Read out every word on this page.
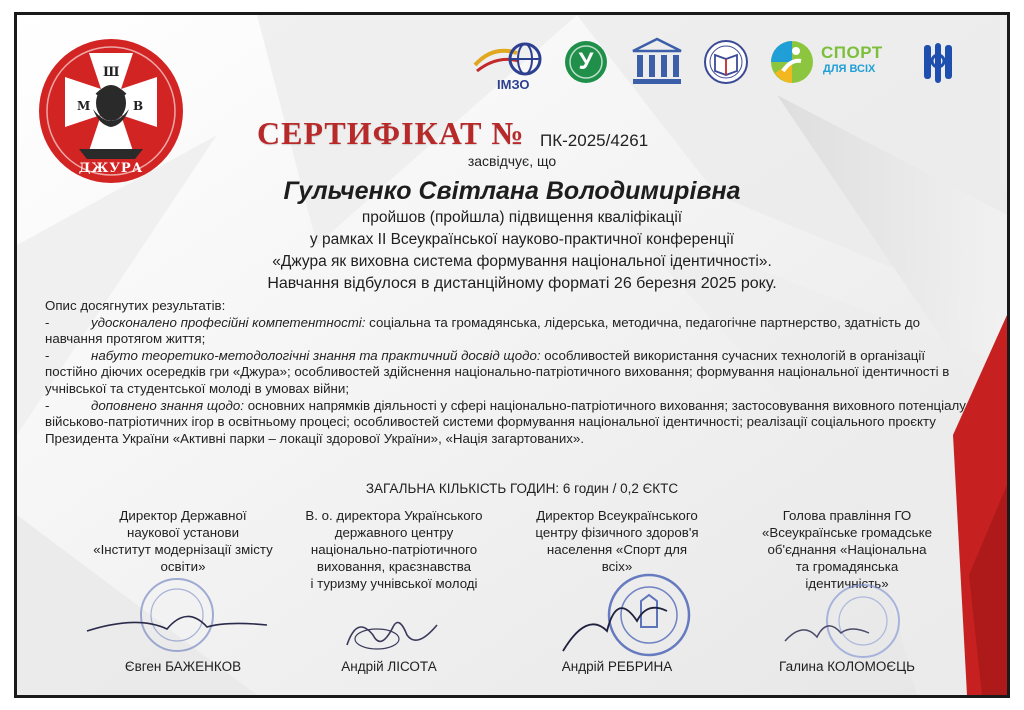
Ш
М	В
ДЖУРА
ІМЗО
У	СПОРТ
ДЛЯ ВСІХ
СЕРТИФІКАТ № ПК-2025/4261
засвідчує, що
Гульченко Світлана Володимирівна
пройшов (пройшла) підвищення кваліфікації
у рамках ІІ Всеукраїнської науково-практичної конференції
«Джура як виховна система формування національної ідентичності».
Навчання відбулося в дистанційному форматі 26 березня 2025 року.

Опис досягнутих результатів:

-	удосконалено професійні компетентності: соціальна та громадянська, лідерська, методична, педагогічне партнерство, здатність до навчання протягом життя;

-	набуто теоретико-методологічні знання та практичний досвід щодо: особливостей використання сучасних технологій в організації постійно діючих осередків гри «Джура»; особливостей здійснення національно-патріотичного виховання; формування національної ідентичності в учнівської та студентської молоді в умовах війни;

-	доповнено знання щодо: основних напрямків діяльності у сфері національно-патріотичного виховання; застосовування виховного потенціалу військово-патріотичних ігор в освітньому процесі; особливостей системи формування національної ідентичності; реалізації соціального проєкту Президента України «Активні парки – локації здорової України», «Нація загартованих».

ЗАГАЛЬНА КІЛЬКІСТЬ ГОДИН: 6 годин / 0,2 ЄКТС
Директор Державної
наукової установи
«Інститут модернізації змісту
освіти»
В. о. директора Українського
державного центру
національно-патріотичного
виховання, краєзнавства
і туризму учнівської молоді
Директор Всеукраїнського
центру фізичного здоров'я
населення «Спорт для
всіх»
Голова правління ГО
«Всеукраїнське громадське
об'єднання «Національна
та громадянська
ідентичність»
Євген БАЖЕНКОВ	Андрій ЛІСОТА	Андрій РЕБРИНА	Галина КОЛОМОЄЦЬ
